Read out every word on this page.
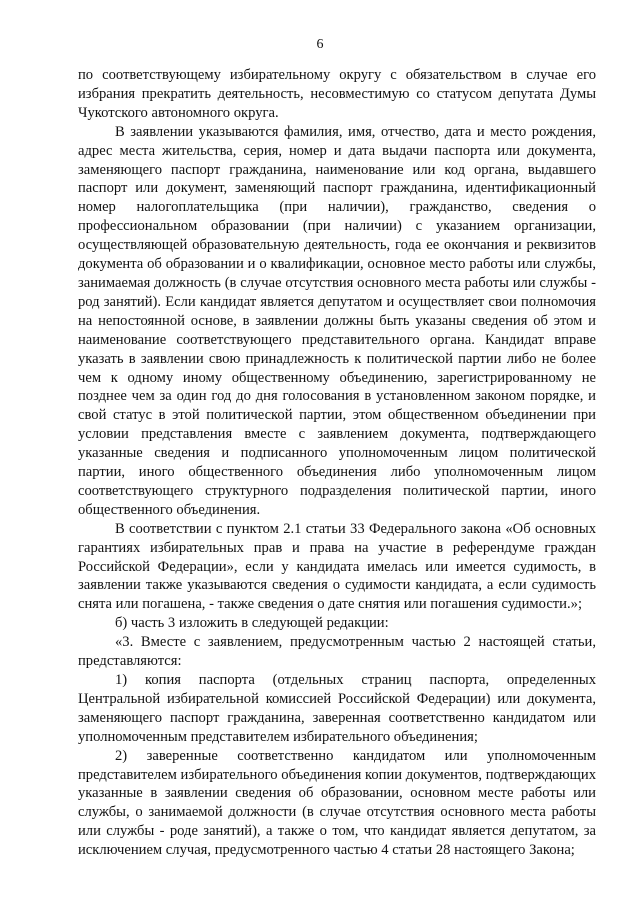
6

по соответствующему избирательному округу с обязательством в случае его избрания прекратить деятельность, несовместимую со статусом депутата Думы Чукотского автономного округа.

В заявлении указываются фамилия, имя, отчество, дата и место рождения, адрес места жительства, серия, номер и дата выдачи паспорта или документа, заменяющего паспорт гражданина, наименование или код органа, выдавшего паспорт или документ, заменяющий паспорт гражданина, идентификационный номер налогоплательщика (при наличии), гражданство, сведения о профессиональном образовании (при наличии) с указанием организации, осуществляющей образовательную деятельность, года ее окончания и реквизитов документа об образовании и о квалификации, основное место работы или службы, занимаемая должность (в случае отсутствия основного места работы или службы - род занятий). Если кандидат является депутатом и осуществляет свои полномочия на непостоянной основе, в заявлении должны быть указаны сведения об этом и наименование соответствующего представительного органа. Кандидат вправе указать в заявлении свою принадлежность к политической партии либо не более чем к одному иному общественному объединению, зарегистрированному не позднее чем за один год до дня голосования в установленном законом порядке, и свой статус в этой политической партии, этом общественном объединении при условии представления вместе с заявлением документа, подтверждающего указанные сведения и подписанного уполномоченным лицом политической партии, иного общественного объединения либо уполномоченным лицом соответствующего структурного подразделения политической партии, иного общественного объединения.

В соответствии с пунктом 2.1 статьи 33 Федерального закона «Об основных гарантиях избирательных прав и права на участие в референдуме граждан Российской Федерации», если у кандидата имелась или имеется судимость, в заявлении также указываются сведения о судимости кандидата, а если судимость снята или погашена, - также сведения о дате снятия или погашения судимости.»;

б) часть 3 изложить в следующей редакции:

«3. Вместе с заявлением, предусмотренным частью 2 настоящей статьи, представляются:

1) копия паспорта (отдельных страниц паспорта, определенных Центральной избирательной комиссией Российской Федерации) или документа, заменяющего паспорт гражданина, заверенная соответственно кандидатом или уполномоченным представителем избирательного объединения;

2) заверенные соответственно кандидатом или уполномоченным представителем избирательного объединения копии документов, подтверждающих указанные в заявлении сведения об образовании, основном месте работы или службы, о занимаемой должности (в случае отсутствия основного места работы или службы - роде занятий), а также о том, что кандидат является депутатом, за исключением случая, предусмотренного частью 4 статьи 28 настоящего Закона;
